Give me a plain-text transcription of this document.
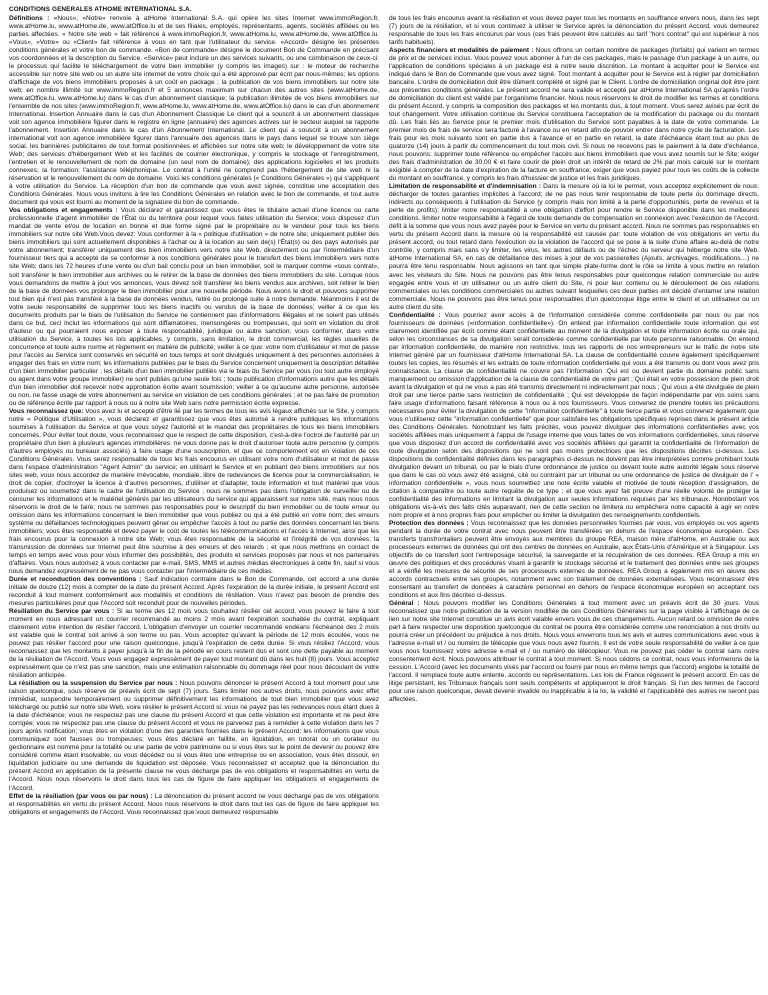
CONDITIONS GENERALES ATHOME INTERNATIONAL S.A.

Définitions : «Nous», «Notre» renvoie à atHome International S.A. qui opère les sites Internet www.immoRegion.fr, www.atHome.lu, www.atHome.de, www.atOffice.lu et de ses filiales, employés, représentants, agents, sociétés affiliées ou les parties affectées. « Notre site web » fait référence à www.immoRegion.fr, www.atHome.lu, www.atHome.de, www.atOffice.lu. «Vous», «Votre» ou «Client» fait référence à vous en tant que l'utilisateur du service. «Accord» désigne les présentes conditions générales et votre bon de commande. «Bon de commande» désigne le document Bon de Commande en précisant vos coordonnées et la description du Service. «Service» peut inclure un des services suivants, ou une combinaison de ceux-ci: le processus qui facilite le téléchargement de votre bien immobilier (y compris les images) sur : le moteur de recherche accessible sur notre site web ou un autre site internet de votre choix qui a été approuvé par écrit par nous-mêmes; les options d'affichage de vos biens immobiliers proposés à un coût en package ; la publication de vos biens immobiliers sur notre site web; en nombre illimité sur www.immoRegion.fr et 5 annonces maximum sur chacun des autres sites (www.atHome.de, www.atOffice.lu, www.atHome.lu) dans le cas d'un abonnement classique; la publication illimitée de vos biens immobiliers sur l'ensemble de nos sites (www.immoRegion.fr, www.atHome.lu, www.atHome.de, www.atOffice.lu) dans le cas d'un abonnement International. Insertion Annuaire dans le cas d'un Abonnement Classique Le client qui a souscrit à un abonnement classique voit son agence immobilière figurer dans le registre en ligne (annuaire) des agences actives sur le secteur auquel se rapporte l'abonnement. Insertion Annuaire dans le cas d'un Abonnement International. Le client qui a souscrit à un abonnement international voit son agence immobilière figurer dans l'annuaire des agences dans le pays dans lequel se trouve son siège social. les bannières publicitaires de tout format positionnées et affichées sur notre site web; le développement de votre site Web; des services d'hébergement Web et les facilités de courrier électronique, y compris le stockage et l'enregistrement, l'entretien et le renouvellement de nom de domaine (un seul nom de domaine); des applications logicielles et les produits connexes; la formation; l'assistance téléphonique. Le contrat à l'unité ne comprend pas l'hébergement de site web ni la réservation et le renouvellement du nom de domaine. Voici les conditions générales (« Conditions Générales ») qui s'appliquent à votre utilisation du Service. La réception d'un bon de commande que vous avez signée, constitue une acceptation des Conditions Générales. Nous vous invitons à lire les Conditions Générales en relation avec le bon de commande, et tout autre document qui vous est fourni au moment de la signature du bon de commande.

Vos obligations et engagements : Vous déclarez et garantissez que: vous êtes le titulaire actuel d'une licence ou carte professionnelle d'agent immobilier de l'État ou du territoire pour lequel vous faites utilisation du Service; vous disposez d'un mandat de vente et/ou de location en bonne et due forme signé par le propriétaire ou le vendeur pour tous les biens immobiliers sur notre site Web.Vous devez: Vous conformer à la « politique d'utilisation » de notre site; uniquement publier des biens immobiliers qui sont actuellement disponibles à l'achat ou à la location au sein de(s) l'État(s) ou des pays autorisés par votre abonnement; transférer uniquement des bien immobiliers vers notre site Web, directement ou par l'intermédiaire d'un fournisseur tiers qui a accepté de se conformer à nos conditions générales pour le transfert des biens immobiliers vers notre site Web; dans les 72 heures d'une vente ou d'un bail conclu pour un bien immobilier, soit le marquer comme «sous contrat», soit transférer le bien immobilier aux archives ou le retirer de la base de données des biens immobiliers du site. Lorsque nous vous demandons de mettre à jour vos annonces, vous devez soit transférer les biens vendus aux archives, soit retirer le bien de la base de données vos prolonger le bien immobilier pour une nouvelle période. Nous avons le droit et pouvons supprimer tout bien qui n'est pas transféré à la base de données vendus, retiré ou prolongé suite à notre demande. Néanmoins il est de votre seule responsabilité de supprimer tous les biens inactifs ou vendus de la base de données; veiller à ce que les documents produits par le biais de l'utilisation du Service ne contiennent pas d'informations illégales et ne soient pas utilisés dans ce but, ceci inclut les informations qui sont diffamatoires, mensongères ou trompeuses, qui sont en violation du droit d'auteur ou qui pourraient nous exposer à toute responsabilité, juridique ou autre sanction; vous conformer, dans votre utilisation du Service, à toutes les lois applicables, y compris, sans limitation, le droit commercial, les règles usuelles de concurrence et toute autre norme et règlement en matière de publicité; veiller à ce que: votre nom d'utilisateur et mot de passe pour l'accès au Service sont conservés en sécurité en tous temps et sont divulgués uniquement à des personnes autorisées à engager des frais en votre nom; les informations publiées par le biais du Service concernent uniquement la description détaillée d'un bien immobilier particulier ; les détails d'un bien immobilier publiés via le biais du Service par vous (ou tout autre employé ou agent dans votre groupe immobilier) ne sont publiés qu'une seule fois ; toute publication d'informations autre que les détails d'un bien immobilier doit recevoir notre approbation écrite avant soumission; veiller à ce qu'aucune autre personne, autorisée ou non, ne fasse usage de votre abonnement au service en violation de ces conditions générales ; et ne pas faire de promotion ou de référence écrite par rapport à nous ou à notre site Web sans notre permission écrite expresse.

Vous reconnaissez que: Vous avez lu et accepté d'être lié par les termes de tous les avis légaux affichés sur le Site, y compris notre « Politique d'Utilisation », vous déclarez et garantissez que vous êtes autorisé à rendre publiques les informations soumises à l'utilisation du Service et que vous soyez l'autorité et le mandat des propriétaires de tous les biens immobiliers concernés. Pour éviter tout doute, vous reconnaissez que le respect de cette disposition, c'est-à-dire l'octroi de l'autorité par un propriétaire d'un bien à plusieurs agences immobilières: ne vous donne pas le droit d'autoriser toute autre personne (y compris d'autres employés ou bureaux associés) à faire usage d'une souscription, et que ce comportement est en violation de ces Conditions Générales. Vous serez responsable de tous les frais encourus en utilisant votre nom d'utilisateur et mot de passe dans l'espace d'administration "Agent Admin" du service; en utilisant le Service et en publiant des biens immobiliers sur nos sites web, vous nous accordez de manière irrévocable, mondiale, libre de redevances de licence pour la commercialisation, le droit de copier, d'octroyer la licence à d'autres personnes, d'utiliser et d'adapter, toute information et tout matériel que vous produisez ou soumettez dans le cadre de l'utilisation du Service ; nous ne sommes pas dans l'obligation de surveiller ou de censurer les informations et le matériel générés par les utilisateurs du service qui apparaissent sur notre site, mais nous nous réservons le droit de le faire; nous ne sommes pas responsables pour le descriptif du bien immobilier ou de toute erreur ou omission dans les informations concernant le bien immobilier que vous publiez ou qui a été publié en votre nom; des erreurs système ou défaillances technologiques peuvent gêner ou empêcher l'accès à tout ou partie des données concernant les biens immobiliers; vous êtes responsable et devez payer le coût de toutes les télécommunications et l'accès à Internet, ainsi que les frais encourus pour la connexion à notre site Web; vous êtes responsable de la sécurité et l'intégrité de vos données; la transmission de données sur Internet peut être soumise à des erreurs et des retards ; et que nous mettrons en contact de temps en temps avec vous pour vous informer des possibilités, des produits et services proposés par nous et nos partenaires d'affaires. Vous nous autorisez à vous contacter par e-mail, SMS, MMS et autres médias électroniques à cette fin, sauf si vous nous demandez expressément de ne pas vous contacter par l'intermédiaire de ces médias.

Durée et reconduction des conventions : Sauf indication contraire dans le Bon de Commande, cet accord a une durée initiale de douze (12) mois à compter de la date du présent Accord. Après l'expiration de la durée initiale, le présent Accord est reconduit à tout moment conformément aux modalités et conditions de résiliation. Vous n'avez pas besoin de prendre des mesures particulières pour que l'Accord soit reconduit pour de nouvelles périodes.

Résiliation du Service par vous : Si au terme des 12 mois vous souhaitez résilier cet accord, vous pouvez le faire à tout moment en nous adressant un courrier recommandé au moins 2 mois avant l'expiration souhaitée du contrat, expliquant clairement votre intention de résilier l'accord. L'obligation d'envoyer un courrier recommandé endéans l'échéance des 2 mois est valable que le contrat soit arrivé à son terme ou pas. Vous acceptez qu'avant la période de 12 mois écoulée, vous ne pouvez pas résilier l'accord pour une raison quelconque, jusqu'à l'expiration de cette durée. Si vous résiliez l'Accord, vous reconnaissez que les montants à payer jusqu'à la fin de la période en cours restent dus et sont une dette payable au moment de la résiliation de l'Accord. Vous vous engagez expressément de payer tout montant dû dans les huit (8) jours. Vous acceptez expressément que ce n'est pas une sanction, mais une estimation raisonnable du dommage réel pour nous découlant de votre résiliation anticipée.

La résiliation ou la suspension du Service par nous : Nous pouvons dénoncer le présent Accord à tout moment pour une raison quelconque, sous réserve de préavis écrit de sept (7) jours. Sans limiter nos autres droits, nous pouvons avec effet immédiat, suspendre temporairement ou supprimer définitivement les informations de tout bien immobilier que vous avez téléchargé ou publié sur notre site Web, voire résilier le présent Accord si: vous ne payez pas les redevances nous étant dues à la date d'échéance; vous ne respectez pas une clause du présent Accord et que cette violation est importante et ne peut être corrigée; vous ne respectez pas une clause du présent Accord et vous ne parvenez pas à remédier à cette violation dans les 7 jours après notification; vous êtes en violation d'une des garanties fournies dans le présent Accord; les informations que vous communiquez sont fausses ou trompeuses; vous êtes déclaré en faillite, en liquidation, en tutorat ou un curateur ou gestionnaire est nommé pour la totalité ou une partie de votre patrimoine ou si vous êtes sur le point de devenir ou pouvez être considéré comme étant insolvable, ou vous décédez ou si vous êtes une entreprise ou en association, vous êtes dissout, en liquidation judiciaire ou une demande de liquidation est déposée. Vous reconnaissez et acceptez que la dénonciation du présent Accord en application de la présente clause ne vous décharge pas de vos obligations et responsabilités en vertu de l'Accord. Nous nous réservons le droit dans tous les cas de figure de faire appliquer les obligations et engagements de l'Accord.

Effet de la résiliation (par vous ou par nous) : La dénonciation du présent accord ne vous décharge pas de vos obligations et responsabilités en vertu du présent Accord. Nous nous réservons le droit dans tout les cas de figure de faire appliquer les obligations et engagements de l'Accord. Vous reconnaissez que:vous demeurez responsable

de tous les frais encourus avant la résiliation et vous devez payer tous les montants en souffrance envers nous, dans les sept (7) jours de la résiliation, et si vous continuez à utiliser le Service après la dénonciation du présent Accord, vous demeurez responsable de tous les frais encourus par vous (ces frais peuvent être calculés au tarif "hors contrat" qui est supérieur à nos tarifs habituels).

Aspects financiers et modalités de paiement : Nous offrons un certain nombre de packages (forfaits) qui varient en termes de prix et de services inclus. Vous pouvez vous abonner à l'un de ces packages, mais le passage d'un package à un autre, ou l'application de conditions spéciales à un package est à notre seule discrétion. Le montant à acquitter pour le Service est indiqué dans le Bon de Commande que vous avez signé. Tout montant à acquitter pour le Service est à régler par domiciliation bancaire. L'ordre de domiciliation doit être dûment complété et signé par le Client. L'ordre de domiciliation original doit être joint aux présentes conditions générales. Le présent accord ne sera valide et accepté par atHome International SA qu'après l'ordre de domiciliation du client est validé par l'organisme financier. Nous nous réservons le droit de modifier les termes et conditions du présent Accord, y compris la composition des packages et les montants dus, à tout moment. Vous serez avisés par écrit de tout changement. Votre utilisation continue du Service constituera l'acceptation de la modification du package ou du montant dû. Les frais liés au Service pour le premier mois d'utilisation du Service sont payables à la date de votre commande. Le premier mois de frais de service sera facturé à l'avance ou en retard afin de pouvoir entrer dans notre cycle de facturation. Les frais pour les mois suivants sont en partie dus à l'avance et en partie en retard, la date d'échéance étant tout au plus de quatorze (14) jours à partir du commencement du tout mois civil. Si nous ne recevons pas le paiement à la date d'échéance, nous pouvons: supprimer toute référence ou empêcher l'accès aux biens immobiliers que vous avez soumis sur le Site; exiger des frais d'administration de 30,00 € et faire courir de plein droit un intérêt de retard de 2% par mois calculé sur le montant exigible à compter de la date d'expiration de la facture en souffrance; exiger que vous payiez pour tous les coûts de la collecte du montant en souffrance, y compris les frais d'huissier de justice et les frais juridiques.

Limitation de responsabilité et d'indemnisation : Dans la mesure où la loi le permet, vous acceptez explicitement de nous: décharger de toutes garanties implicites à l'accord; de ne pas nous tenir responsable de toute perte ou dommage directs, indirects ou conséquents à l'utilisation du Service (y compris mais non limité à la perte d'opportunités, perte de revenus et la perte de profits); limiter notre responsabilité à une obligation d'effort pour rendre le Service disponible dans les meilleures conditions. limiter notre responsabilité à l'égard de toute demande de compensation en connexion avec l'exécution de l'Accord, défit à la somme que vous nous avez payée pour le Service en vertu du présent accord. Nous ne sommes pas responsables en vertu du présent Accord dans la mesure où la responsabilité est causée par: toute violation de vos obligations en vertu du présent accord, ou tout retard dans l'exécution ou la violation de l'accord qui se pose à la suite d'une affaire au-delà de notre contrôle, y compris mais sans s'y limiter, les virus, les autres défauts ou de l'échec du serveur qui héberge notre site Web. atHome International SA, en cas de défaillance des mises à jour de vos passerelles (Ajouts, archivages, modifications…) ne pourra être tenu responsable. Nous agissons en tant que simple plate-forme dont le rôle se limite à vous mettre en relation avec les visiteurs du Site. Nous ne pouvons pas être tenus responsables pour quelconque relation commerciale ou autre engagée entre vous et un utilisateur ou un autre client du Site, ni pour leur contenu ou le déroulement de ces relations commerciales ou les conditions commerciales ou autres suivant lesquelles ces deux parties ont décidé d'entamer une relation commerciale. Nous ne pouvons pas être tenus pour responsables d'un quelconque litige entre le client et un utilisateur ou un autre client du site.

Confidentialité : Vous pourriez avoir accès à de l'information considérée comme confidentielle par nous ou par nos fournisseurs de données («information confidentielle»). On entend par information confidentielle toute information qui est clairement identifiée par écrit comme étant confidentielle au moment de la divulgation et toute information écrite ou orale qui, selon les circonstances de sa divulgation serait considérée comme confidentielle par toute personne raisonnable. On entend par information confidentielle, de manière non restrictive, tous les rapports de nos entrepreneurs sur le trafic de notre site Internet généré par un fournisseur d'atHome International SA. La clause de confidentialité couvre également spécifiquement toutes les copies, les résumés et les extraits de toute information confidentielle qui vous a été transmis ou dont vous avez pris connaissance. La clause de confidentialité ne couvre pas l'information :Qui est ou devient partie du domaine public sans manquement ou omission d'application de la clause de confidentialité de votre part ; Qui était en votre possession de plein droit avant la divulgation et qui ne vous a pas été transmis directement ni indirectement par nous ; Qui vous a été divulguée de plein droit par une tierce partie sans restriction de confidentialité ; Qui est développée de façon indépendante par vos soins sans faire usage d'informations faisant référence à nous ou à nos fournisseurs. Vous convenez de prendre toutes les précautions nécessaires pour éviter la divulgation de cette "information confidentielle" à toute tierce partie et vous convenez également que vous n'utiliserez cette "information confidentielle" que pour satisfaire les obligations spécifiques reprises dans le présent article des Conditions Générales. Nonobstant les faits précités, vous pouvez divulguer des informations confidentielles avec vos sociétés affiliées mais uniquement à l'appui de l'usage interne que vous faites de vos informations confidentielles, sous réserve que vous disposiez d'un accord de confidentialité avec vos sociétés affiliées qui garantit la confidentialité de l'information de toute divulgation selon des dispositions qui ne sont pas moins protectrices que les dispositions décrites ci-dessus. Les dispositions de confidentialité définies dans les paragraphes ci-dessus ne doivent pas être interprétées comme prohibant toute divulgation devant un tribunal, ou par le biais d'une ordonnance de justice ou devant toute autre autorité légale sous réserve que dans le cas où vous avez été assigné, cité ou contraint par un tribunal ou une ordonnance de justice de divulguer de l' « information confidentielle », vous nous soumettiez une note écrite valable et motivée de toute réception d'assignation, de citation à comparaître ou toute autre requête de ce type ; et que vous ayez fait preuve d'une réelle volonté de protéger la confidentialité des informations en limitant la divulgation aux seules informations requises par les tribunaux. Nonobstant vos obligations vis-à-vis des faits cités auparavant, rien de cette section ne limitera ou empêchera notre capacité à agir en notre nom propre et à nos propres frais pour empêcher ou limiter la divulgation des renseignements confidentiels.

Protection des données : Vous reconnaissez que les données personnelles fournies par vous, vos employés ou vos agents pendant la durée de votre contrat avec nous peuvent être transférées en dehors de l'espace économique européen. Ces transferts transfrontaliers peuvent être envoyés aux membres du groupe REA, maison mère d'atHome, en Australie ou aux processeurs externes de données qui ont des centres de données en Australie, aux États-Unis d'Amérique et à Singapour. Les objectifs de ce transfert sont l'entreposage sécurisé, la sauvegarde et la récupération de ces données. REA Group a mis en œuvre des politiques et des procédures visant à garantir le stockage sécurisé et le traitement des données entre ses groupes et a vérifié les mesures de sécurité de ses processeurs externes de données. REA Group a également mis en œuvre des accords contractuels entre ses groupes, notamment avec son traitement de données externalisées. Vous reconnaissez être consentant au transfert de données à caractère personnel en dehors de l'espace économique européen en acceptant ces conditions et aux fins décrites ci-dessus.

Général : Nous pouvons modifier les Conditions Générales à tout moment avec un préavis écrit de 30 jours. Vous reconnaissez que notre publication de la version modifiée de ces Conditions Générales sur la page visible à l'affichage de ce lien sur notre site Internet constitue un avis écrit valable envers vous de ces changements. Aucun retard ou omission de notre part à faire respecter une disposition quelconque du contrat ne pourra être considérée comme une renonciation à nos droits ou pourra créer un précédent ou préjudice à nos droits. Nous vous enverrons tous les avis et autres communications avec vous à l'adresse e-mail et / ou numéro de télécopie que vous nous avez fournis. Il est de votre seule responsabilité de veiller à ce que vous nous fournissiez votre adresse e-mail et / ou numéro de télécopieur. Vous ne pouvez pas céder le contrat sans notre consentement écrit. Nous pouvons attribuer le contrat à tout moment. Si nous cédons ce contrat, nous vous informerons de la cession. L'Accord (avec les documents visés par l'accord ou fourni par nous en même temps que l'accord) englobe la totalité de l'accord. Il remplace toute autre entente, accords ou représentations. Les lois de France régissent le présent accord. En cas de litige persistant, les Tribunaux français sont seuls compétents et appliqueront le droit français. Si l'un des termes de l'accord pour une raison quelconque, devait devenir invalide ou inapplicable à la loi, la validité et l'applicabilité des autres ne seront pas affectées.
